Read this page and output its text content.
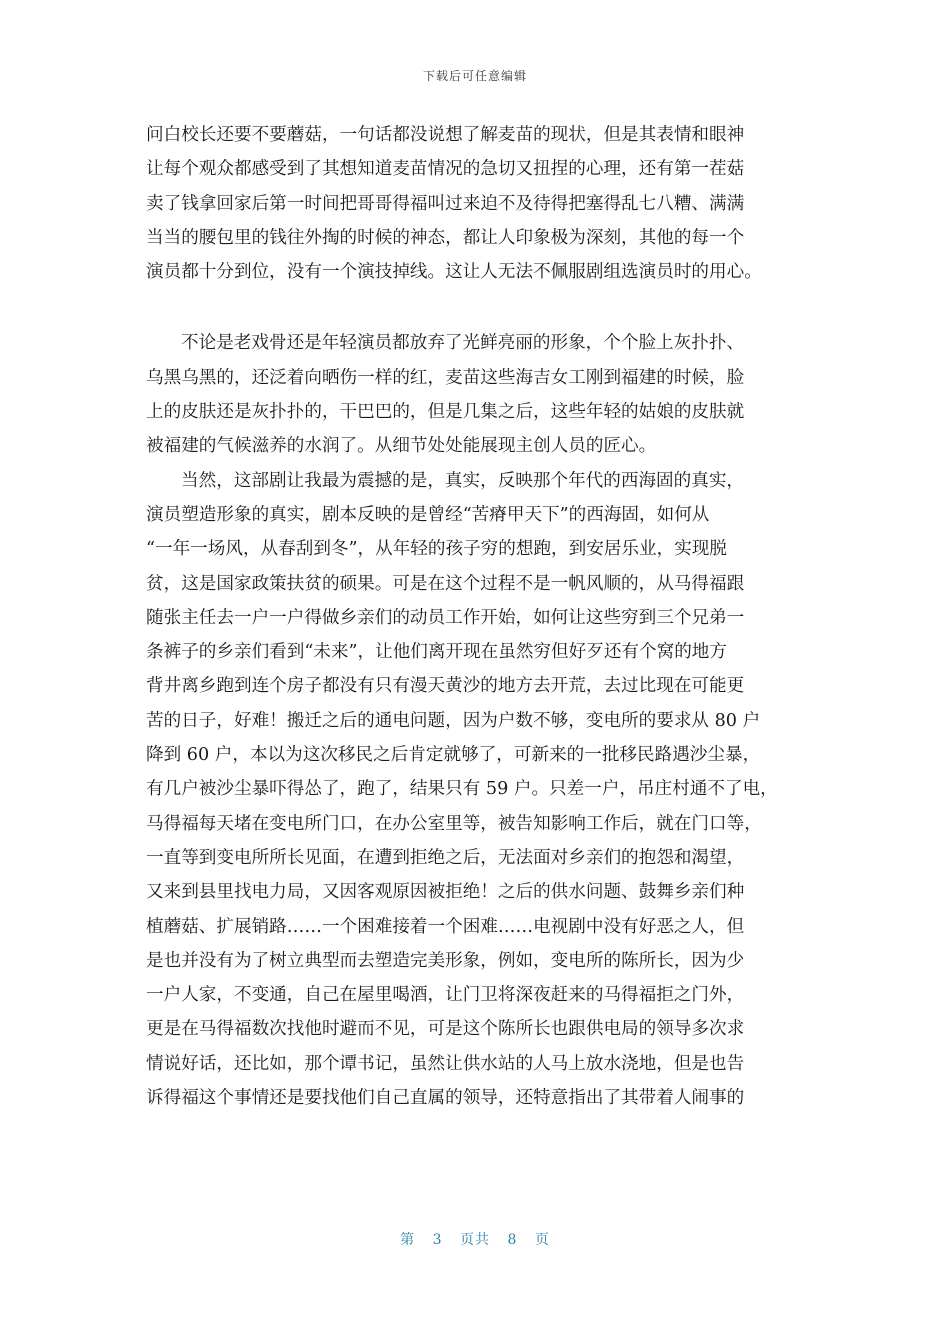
下载后可任意编辑
问白校长还要不要蘑菇，一句话都没说想了解麦苗的现状，但是其表情和眼神
让每个观众都感受到了其想知道麦苗情况的急切又扭捏的心理，还有第一茬菇
卖了钱拿回家后第一时间把哥哥得福叫过来迫不及待得把塞得乱七八糟、满满
当当的腰包里的钱往外掏的时候的神态，都让人印象极为深刻，其他的每一个
演员都十分到位，没有一个演技掉线。这让人无法不佩服剧组选演员时的用心。
不论是老戏骨还是年轻演员都放弃了光鲜亮丽的形象，个个脸上灰扑扑、
乌黑乌黑的，还泛着向晒伤一样的红，麦苗这些海吉女工刚到福建的时候，脸
上的皮肤还是灰扑扑的，干巴巴的，但是几集之后，这些年轻的姑娘的皮肤就
被福建的气候滋养的水润了。从细节处处能展现主创人员的匠心。
当然，这部剧让我最为震撼的是，真实，反映那个年代的西海固的真实，
演员塑造形象的真实，剧本反映的是曾经“苦瘠甲天下”的西海固，如何从
“一年一场风，从春刮到冬”，从年轻的孩子穷的想跑，到安居乐业，实现脱
贫，这是国家政策扶贫的硕果。可是在这个过程不是一帆风顺的，从马得福跟
随张主任去一户一户得做乡亲们的动员工作开始，如何让这些穷到三个兄弟一
条裤子的乡亲们看到“未来”，让他们离开现在虽然穷但好歹还有个窝的地方
背井离乡跑到连个房子都没有只有漫天黄沙的地方去开荒，去过比现在可能更
苦的日子，好难！搬迁之后的通电问题，因为户数不够，变电所的要求从 80 户
降到 60 户，本以为这次移民之后肯定就够了，可新来的一批移民路遇沙尘暴，
有几户被沙尘暴吓得怂了，跑了，结果只有 59 户。只差一户，吊庄村通不了电，
马得福每天堵在变电所门口，在办公室里等，被告知影响工作后，就在门口等，
一直等到变电所所长见面，在遭到拒绝之后，无法面对乡亲们的抱怨和渴望，
又来到县里找电力局，又因客观原因被拒绝！之后的供水问题、鼓舞乡亲们种
植蘑菇、扩展销路……一个困难接着一个困难……电视剧中没有好恶之人，但
是也并没有为了树立典型而去塑造完美形象，例如，变电所的陈所长，因为少
一户人家，不变通，自己在屋里喝酒，让门卫将深夜赶来的马得福拒之门外，
更是在马得福数次找他时避而不见，可是这个陈所长也跟供电局的领导多次求
情说好话，还比如，那个谭书记，虽然让供水站的人马上放水浇地，但是也告
诉得福这个事情还是要找他们自己直属的领导，还特意指出了其带着人闹事的
第 3 页共 8 页
